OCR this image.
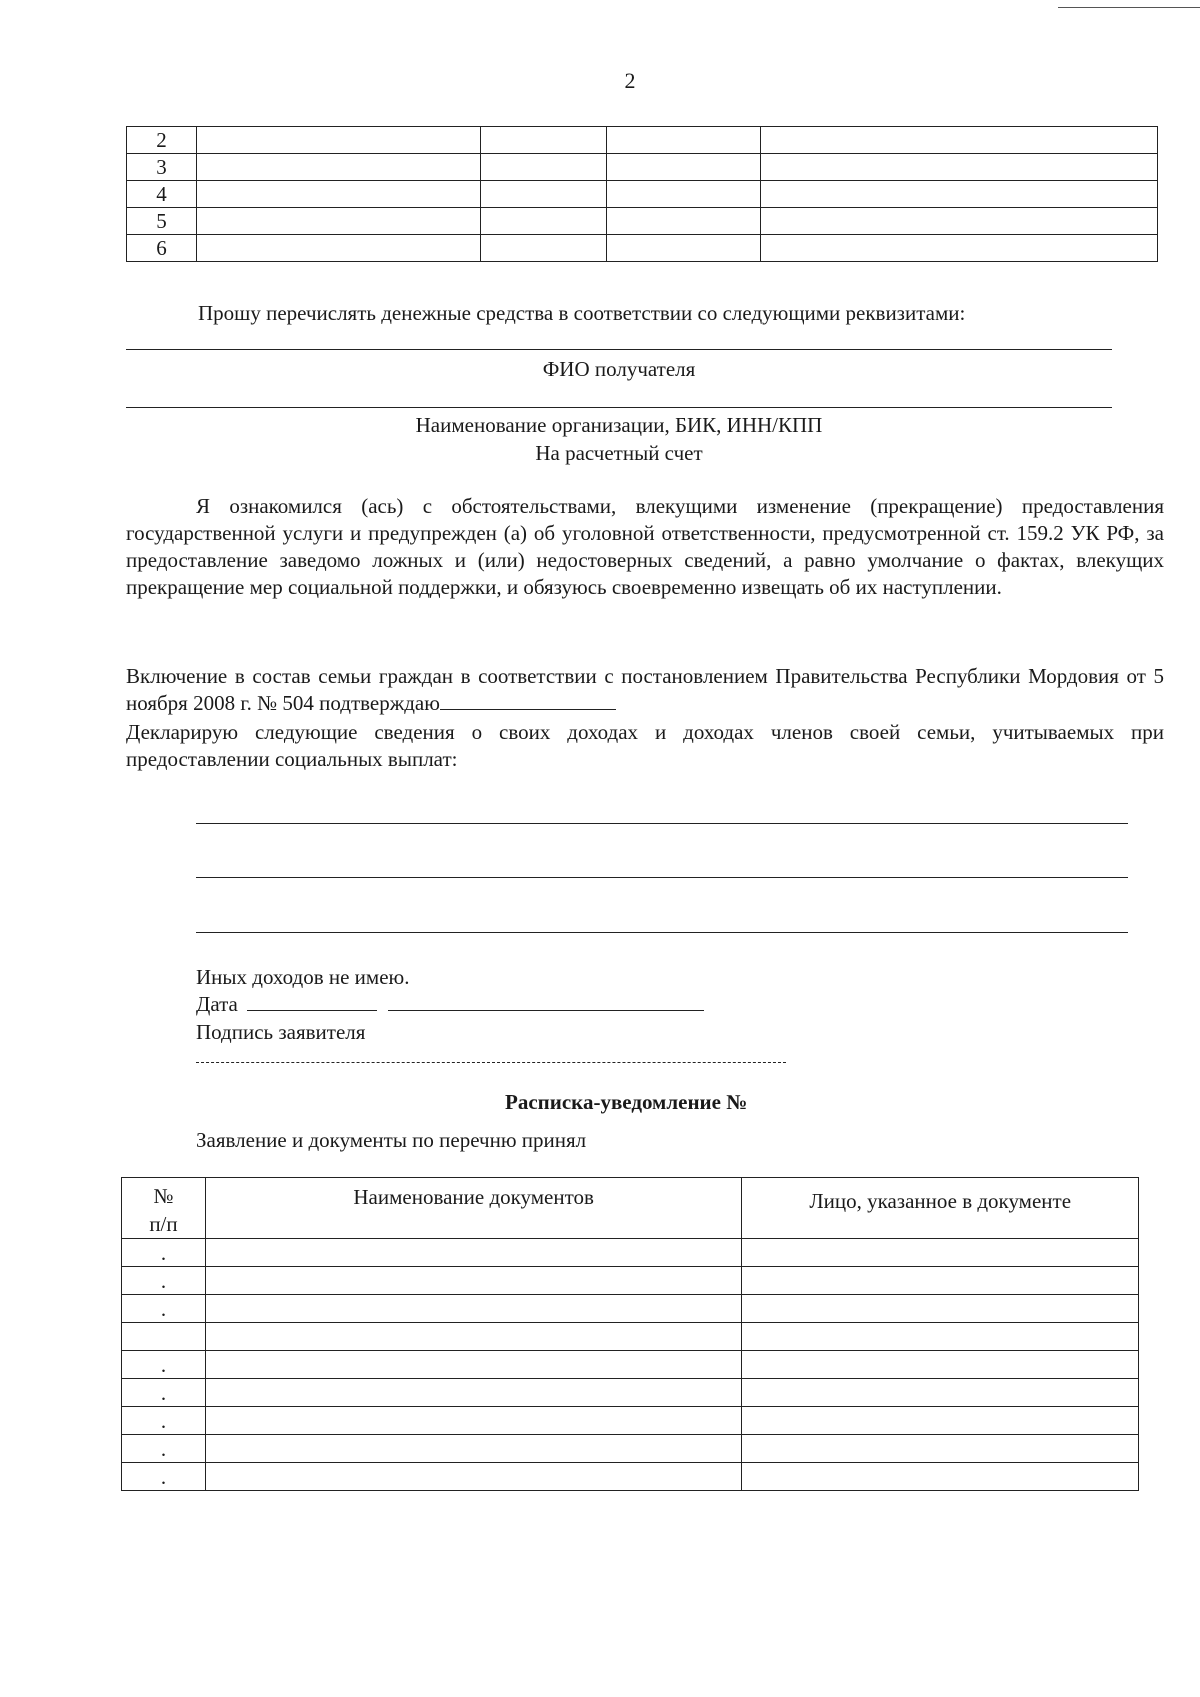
2
2				
3				
4				
5				
6				
Прошу перечислять денежные средства в соответствии со следующими реквизитами:
ФИО получателя
Наименование организации, БИК, ИНН/КПП
На расчетный счет
Я ознакомился (ась) с обстоятельствами, влекущими изменение (прекращение) предоставления государственной услуги и предупрежден (а) об уголовной ответственности, предусмотренной ст. 159.2 УК РФ, за предоставление заведомо ложных и (или) недостоверных сведений, а равно умолчание о фактах, влекущих прекращение мер социальной поддержки, и обязуюсь своевременно извещать об их наступлении.
Включение в состав семьи граждан в соответствии с постановлением Правительства Республики Мордовия от 5 ноября 2008 г. № 504 подтверждаю
Декларирую следующие сведения о своих доходах и доходах членов своей семьи, учитываемых при предоставлении социальных выплат:
Иных доходов не имею.
Дата
Подпись заявителя
Расписка-уведомление №
Заявление и документы по перечню принял
№ п/п	Наименование документов	Лицо, указанное в документе
.		
.		
.		

.		
.		
.		
.		
.		
